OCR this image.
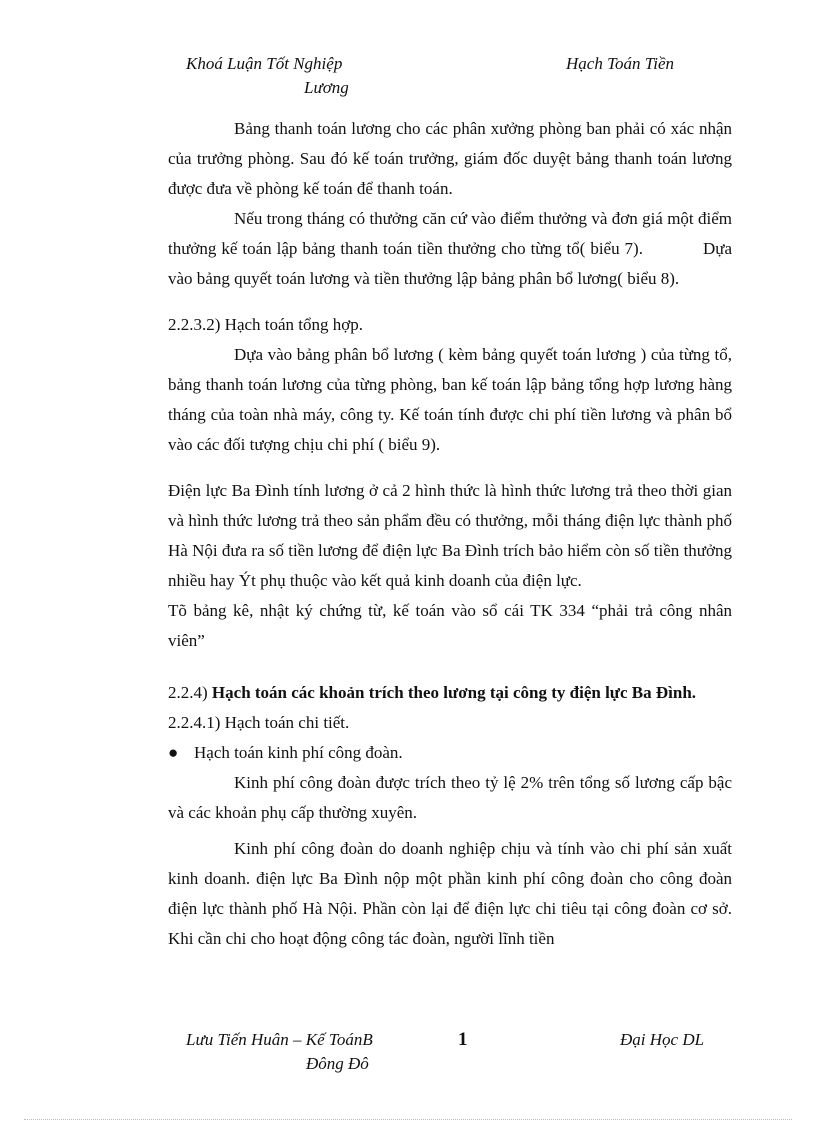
Khoá Luận Tốt Nghiệp
Lương
Hạch Toán Tiền

Bảng thanh toán lương cho các phân xưởng phòng ban phải có xác nhận của trưởng phòng. Sau đó kế toán trưởng, giám đốc duyệt bảng thanh toán lương được đưa về phòng kế toán để thanh toán.

Nếu trong tháng có thưởng căn cứ vào điểm thưởng và đơn giá một điểm thưởng kế toán lập bảng thanh toán tiền thưởng cho từng tổ( biểu 7).	Dựa vào bảng quyết toán lương và tiền thưởng lập bảng phân bổ lương( biểu 8).

2.2.3.2) Hạch toán tổng hợp.

Dựa vào bảng phân bổ lương ( kèm bảng quyết toán lương ) của từng tổ, bảng thanh toán lương của từng phòng, ban kế toán lập bảng tổng hợp lương hàng tháng của toàn nhà máy, công ty. Kế toán tính được chi phí tiền lương và phân bổ vào các đối tượng chịu chi phí ( biểu 9).

Điện lực Ba Đình tính lương ở cả 2 hình thức là hình thức lương trả theo thời gian và hình thức lương trả theo sản phẩm đều có thưởng, mỗi tháng điện lực thành phố Hà Nội đưa ra số tiền lương để điện lực Ba Đình trích bảo hiểm còn số tiền thưởng nhiều hay Ýt phụ thuộc vào kết quả kinh doanh của điện lực.

Tõ bảng kê, nhật ký chứng từ, kế toán vào sổ cái TK 334 “phải trả công nhân viên”

2.2.4) Hạch toán các khoản trích theo lương tại công ty điện lực Ba Đình.

2.2.4.1) Hạch toán chi tiết.

● Hạch toán kinh phí công đoàn.

Kinh phí công đoàn được trích theo tỷ lệ 2% trên tổng số lương cấp bậc và các khoản phụ cấp thường xuyên.

Kinh phí công đoàn do doanh nghiệp chịu và tính vào chi phí sản xuất kinh doanh. điện lực Ba Đình nộp một phần kinh phí công đoàn cho công đoàn điện lực thành phố Hà Nội. Phần còn lại để điện lực chi tiêu tại công đoàn cơ sở. Khi cần chi cho hoạt động công tác đoàn, người lĩnh tiền

Lưu Tiến Huân – Kế ToánB
Đông Đô
1	Đại Học DL
